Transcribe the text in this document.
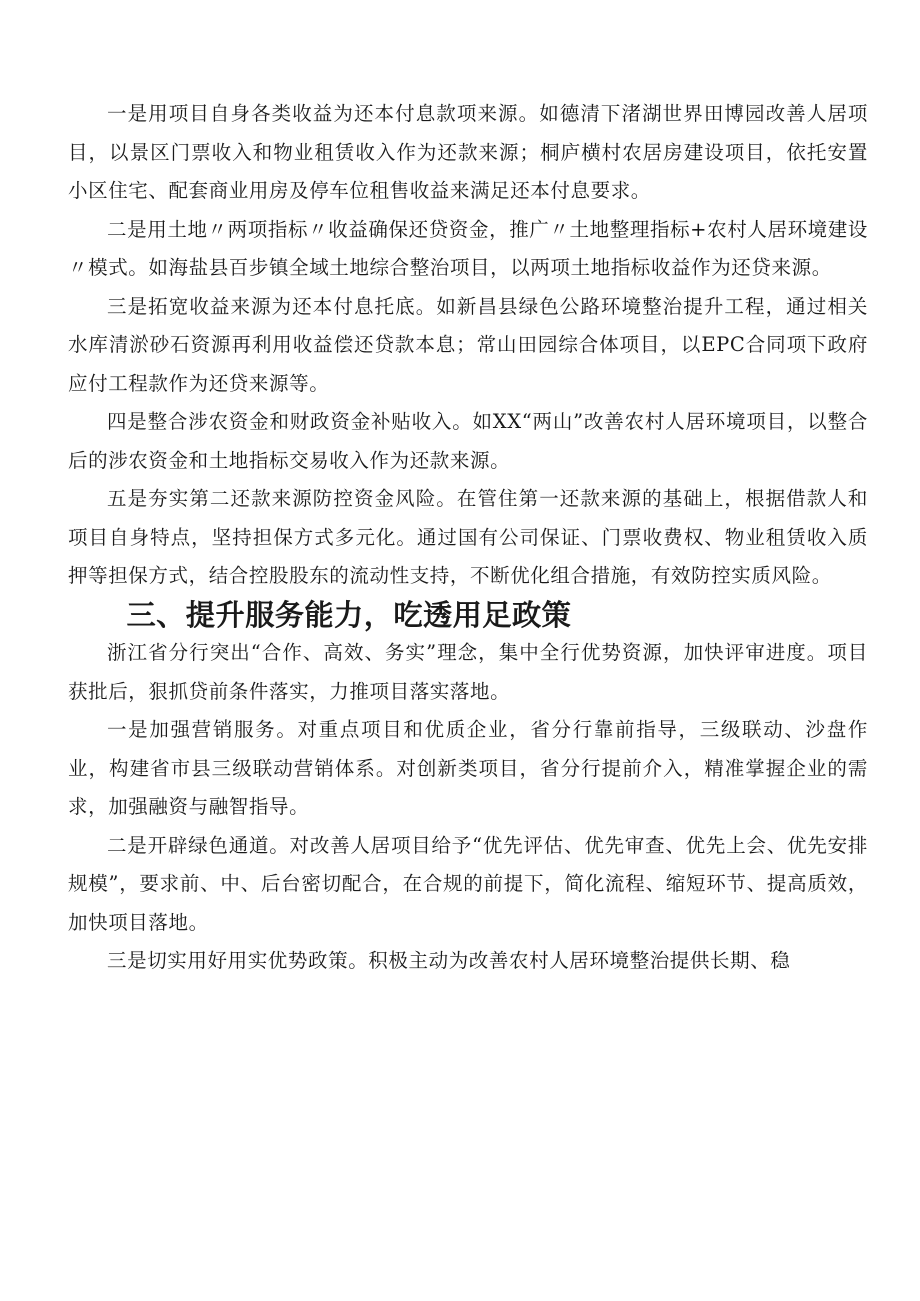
一是用项目自身各类收益为还本付息款项来源。如德清下渚湖世界田博园改善人居项目，以景区门票收入和物业租赁收入作为还款来源；桐庐横村农居房建设项目，依托安置小区住宅、配套商业用房及停车位租售收益来满足还本付息要求。

二是用土地〃两项指标〃收益确保还贷资金，推广〃土地整理指标+农村人居环境建设〃模式。如海盐县百步镇全域土地综合整治项目，以两项土地指标收益作为还贷来源。

三是拓宽收益来源为还本付息托底。如新昌县绿色公路环境整治提升工程，通过相关水库清淤砂石资源再利用收益偿还贷款本息；常山田园综合体项目，以EPC合同项下政府应付工程款作为还贷来源等。

四是整合涉农资金和财政资金补贴收入。如XX“两山”改善农村人居环境项目，以整合后的涉农资金和土地指标交易收入作为还款来源。

五是夯实第二还款来源防控资金风险。在管住第一还款来源的基础上，根据借款人和项目自身特点，坚持担保方式多元化。通过国有公司保证、门票收费权、物业租赁收入质押等担保方式，结合控股股东的流动性支持，不断优化组合措施，有效防控实质风险。

三、提升服务能力，吃透用足政策

浙江省分行突出“合作、高效、务实”理念，集中全行优势资源，加快评审进度。项目获批后，狠抓贷前条件落实，力推项目落实落地。

一是加强营销服务。对重点项目和优质企业，省分行靠前指导，三级联动、沙盘作业，构建省市县三级联动营销体系。对创新类项目，省分行提前介入，精准掌握企业的需求，加强融资与融智指导。

二是开辟绿色通道。对改善人居项目给予“优先评估、优先审查、优先上会、优先安排规模”，要求前、中、后台密切配合，在合规的前提下，简化流程、缩短环节、提高质效，加快项目落地。

三是切实用好用实优势政策。积极主动为改善农村人居环境整治提供长期、稳
